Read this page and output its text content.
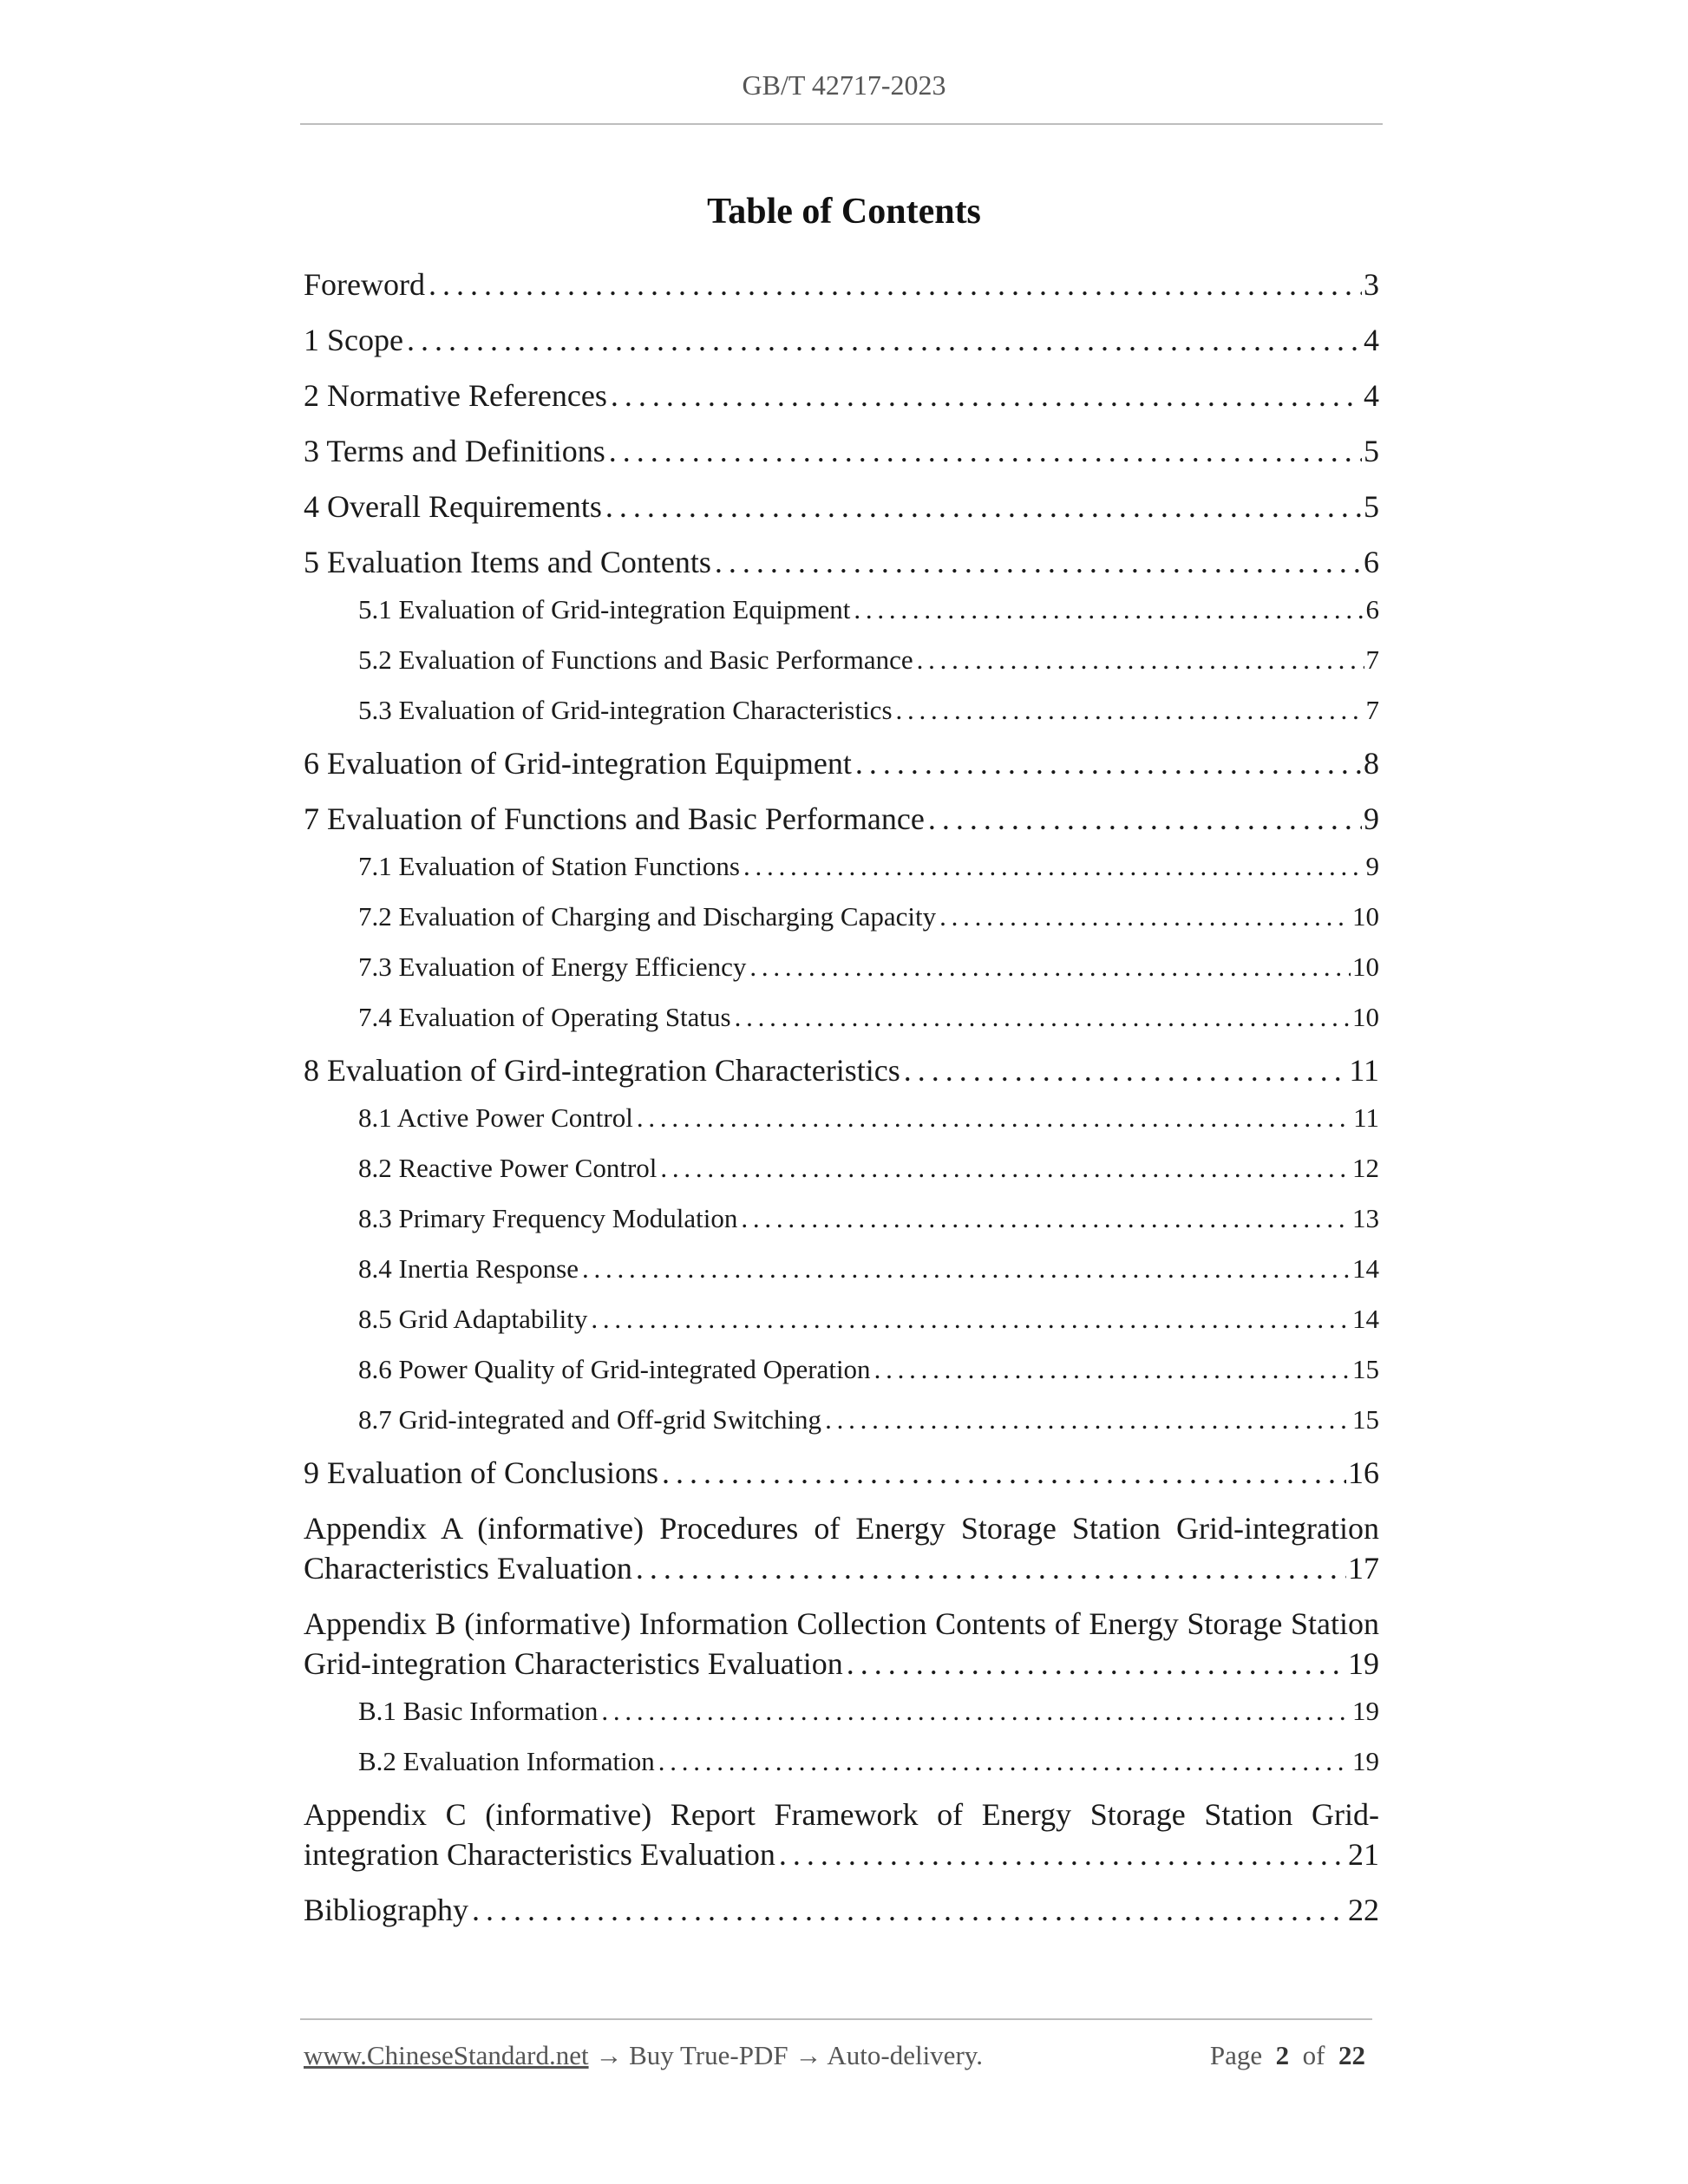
GB/T 42717-2023
Table of Contents
Foreword . . .	3
1 Scope . . .	4
2 Normative References . . .	4
3 Terms and Definitions . . .	5
4 Overall Requirements . . .	5
5 Evaluation Items and Contents . . .	6
5.1 Evaluation of Grid-integration Equipment . . .	6
5.2 Evaluation of Functions and Basic Performance . . .	7
5.3 Evaluation of Grid-integration Characteristics . . .	7
6 Evaluation of Grid-integration Equipment . . .	8
7 Evaluation of Functions and Basic Performance . . .	9
7.1 Evaluation of Station Functions . . .	9
7.2 Evaluation of Charging and Discharging Capacity . . .	10
7.3 Evaluation of Energy Efficiency . . .	10
7.4 Evaluation of Operating Status . . .	10
8 Evaluation of Gird-integration Characteristics . . .	11
8.1 Active Power Control . . .	11
8.2 Reactive Power Control . . .	12
8.3 Primary Frequency Modulation . . .	13
8.4 Inertia Response . . .	14
8.5 Grid Adaptability . . .	14
8.6 Power Quality of Grid-integrated Operation . . .	15
8.7 Grid-integrated and Off-grid Switching . . .	15
9 Evaluation of Conclusions . . .	16
Appendix A (informative) Procedures of Energy Storage Station Grid-integration
Characteristics Evaluation . . .	17
Appendix B (informative) Information Collection Contents of Energy Storage Station
Grid-integration Characteristics Evaluation . . .	19
B.1 Basic Information . . .	19
B.2 Evaluation Information . . .	19
Appendix C (informative) Report Framework of Energy Storage Station Grid-
integration Characteristics Evaluation . . .	21
Bibliography . . .	22
www.ChineseStandard.net → Buy True-PDF → Auto-delivery.	Page 2 of 22
